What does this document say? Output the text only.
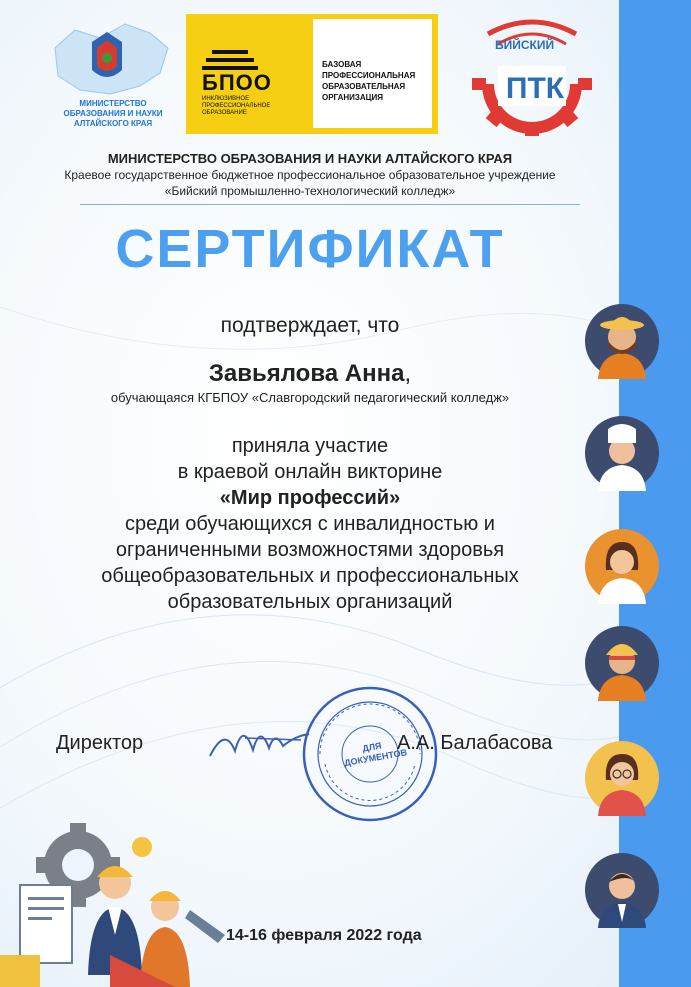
МИНИСТЕРСТВО ОБРАЗОВАНИЯ И НАУКИ АЛТАЙСКОГО КРАЯ
БПОО
ИНКЛЮЗИВНОЕ ПРОФЕССИОНАЛЬНОЕ ОБРАЗОВАНИЕ
БАЗОВАЯ
ПРОФЕССИОНАЛЬНАЯ
ОБРАЗОВАТЕЛЬНАЯ
ОРГАНИЗАЦИЯ
БИЙСКИЙ
ПТК
МИНИСТЕРСТВО ОБРАЗОВАНИЯ И НАУКИ АЛТАЙСКОГО КРАЯ
Краевое государственное бюджетное профессиональное образовательное учреждение
«Бийский промышленно-технологический колледж»
СЕРТИФИКАТ
подтверждает, что
Завьялова Анна,
обучающаяся КГБПОУ «Славгородский педагогический колледж»
приняла участие
в краевой онлайн викторине
«Мир профессий»
среди обучающихся с инвалидностью и
ограниченными возможностями здоровья
общеобразовательных и профессиональных
образовательных организаций
Директор	ДЛЯ ДОКУМЕНТОВ
А.А. Балабасова
14-16 февраля 2022 года
